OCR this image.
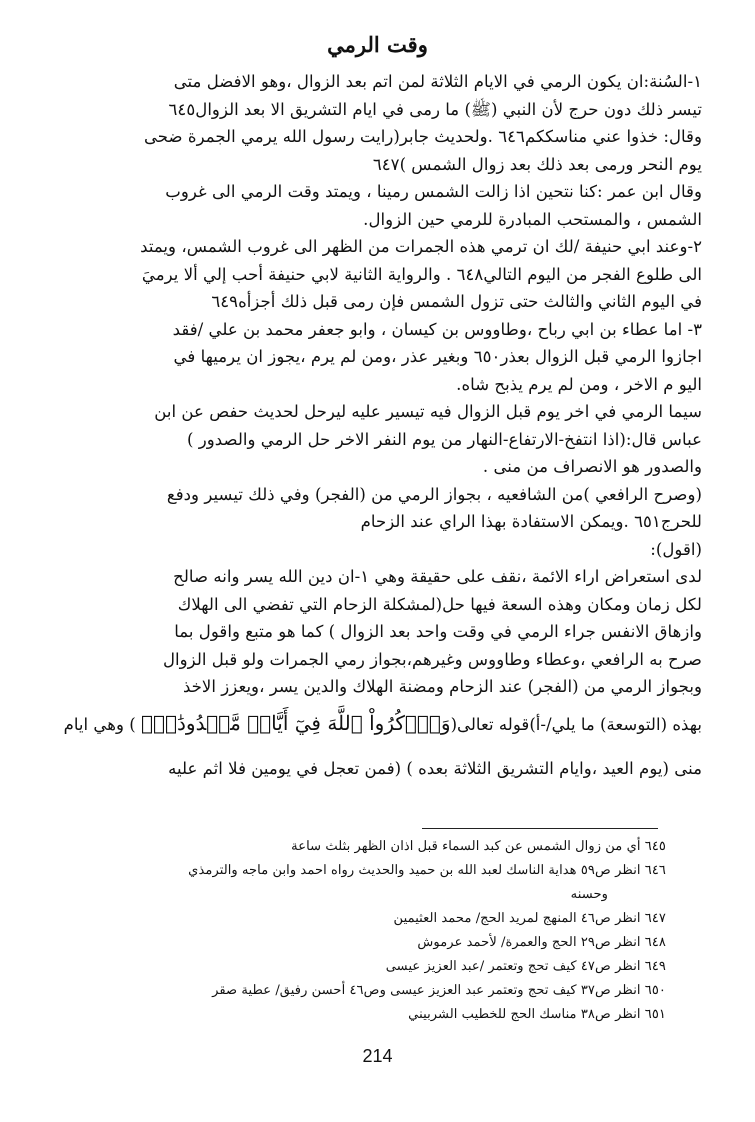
وقت الرمي
١-السُنة:ان يكون الرمي في الايام الثلاثة لمن اتم بعد الزوال ،وهو الافضل متى
تيسر ذلك دون حرج لأن النبي (ﷺ) ما رمى في ايام التشريق الا بعد الزوال٦٤٥
وقال: خذوا عني مناسككم٦٤٦ .ولحديث جابر(رايت رسول الله يرمي الجمرة ضحى
يوم النحر ورمى بعد ذلك بعد زوال الشمس )٦٤٧
وقال ابن عمر :كنا نتحين اذا زالت الشمس رمينا ، ويمتد وقت الرمي الى غروب
الشمس ، والمستحب المبادرة للرمي حين الزوال.
٢-وعند ابي حنيفة /لك ان ترمي هذه الجمرات من الظهر الى غروب الشمس، ويمتد
الى طلوع الفجر من اليوم التالي٦٤٨ . والرواية الثانية لابي حنيفة أحب إلي ألا يرميَ
في اليوم الثاني والثالث حتى تزول الشمس فإن رمى قبل ذلك أجزأه٦٤٩
٣- اما عطاء بن ابي رباح ،وطاووس بن كيسان ، وابو جعفر محمد بن علي /فقد
اجازوا الرمي قبل الزوال بعذر٦٥٠ وبغير عذر ،ومن لم يرم ،يجوز ان يرميها في
اليو م الاخر ، ومن لم يرم يذبح شاه.
سيما الرمي في اخر يوم قبل الزوال فيه تيسير عليه ليرحل لحديث حفص عن ابن
عباس قال:(اذا انتفخ-الارتفاع-النهار من يوم النفر الاخر حل الرمي والصدور )
والصدور هو الانصراف من منى .
(وصرح الرافعي )من الشافعيه ، بجواز الرمي من (الفجر) وفي ذلك تيسير ودفع
للحرج٦٥١ .ويمكن الاستفادة بهذا الراي عند الزحام
(اقول):
لدى استعراض اراء الائمة ،نقف على حقيقة وهي ١-ان دين الله يسر وانه صالح
لكل زمان ومكان وهذه السعة فيها حل(لمشكلة الزحام التي تفضي الى الهلاك
وازهاق الانفس جراء الرمي في وقت واحد بعد الزوال ) كما هو متبع واقول بما
صرح به الرافعي ،وعطاء وطاووس وغيرهم،بجواز رمي الجمرات ولو قبل الزوال
وبجواز الرمي من (الفجر) عند الزحام ومضنة الهلاك والدين يسر ،ويعزز الاخذ
بهذه (التوسعة) ما يلي/-أ)قوله تعالى(وَٱذۡكُرُواْ ٱللَّهَ فِيٓ أَيَّامٖ مَّعۡدُودَٰتٖۚ ) وهي ايام
منى (يوم العيد ،وايام التشريق الثلاثة بعده ) (فمن تعجل في يومين فلا اثم عليه
٦٤٥ أي من زوال الشمس عن كبد السماء قبل اذان الظهر بثلث ساعة
٦٤٦ انظر ص٥٩ هداية الناسك لعبد الله بن حميد والحديث رواه احمد وابن ماجه والترمذي
وحسنه
٦٤٧ انظر ص٤٦ المنهج لمريد الحج/ محمد العثيمين
٦٤٨ انظر ص٢٩ الحج والعمرة/ لأحمد عرموش
٦٤٩ انظر ص٤٧ كيف تحج وتعتمر /عبد العزيز عيسى
٦٥٠ انظر ص٣٧ كيف تحج وتعتمر عبد العزيز عيسى وص٤٦ أحسن رفيق/ عطية صقر
٦٥١ انظر ص٣٨ مناسك الحج للخطيب الشربيني
214
